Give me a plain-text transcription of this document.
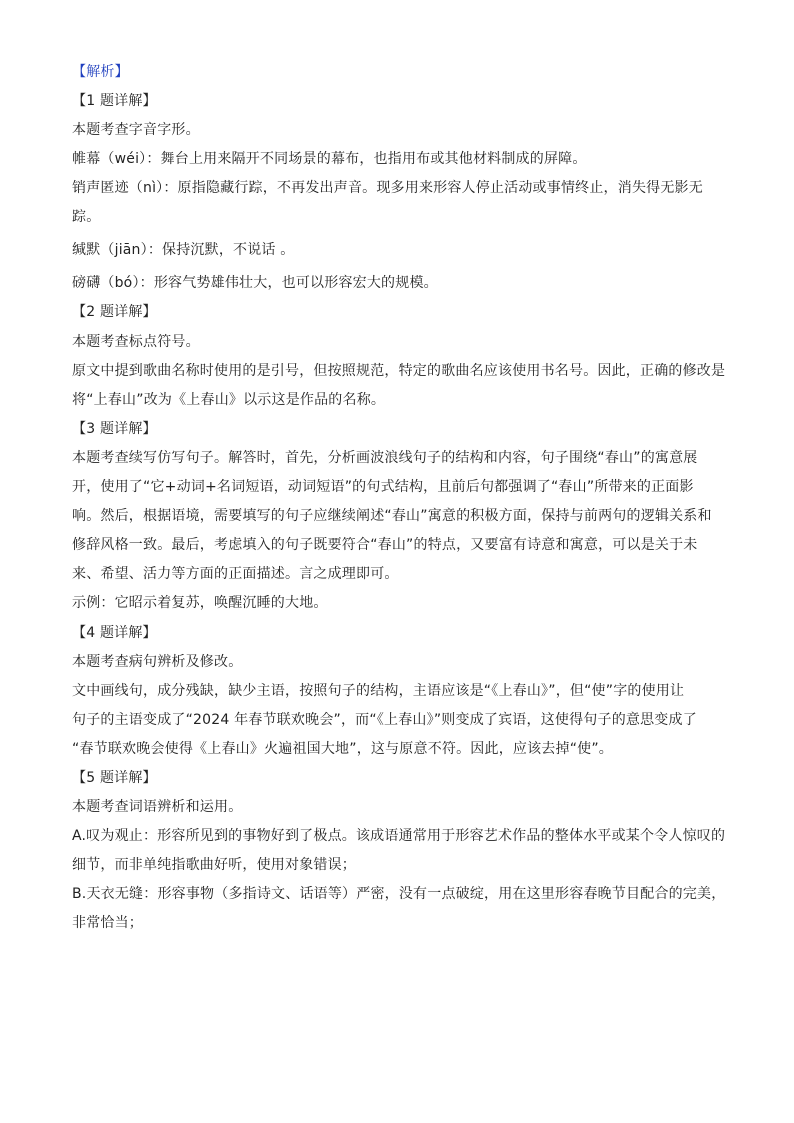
【解析】
【1 题详解】
本题考查字音字形。
帷幕（wéi）：舞台上用来隔开不同场景的幕布，也指用布或其他材料制成的屏障。
销声匿迹（nì）：原指隐藏行踪，不再发出声音。现多用来形容人停止活动或事情终止，消失得无影无
踪。
缄默（jiān）：保持沉默，不说话 。
磅礴（bó）：形容气势雄伟壮大，也可以形容宏大的规模。
【2 题详解】
本题考查标点符号。
原文中提到歌曲名称时使用的是引号，但按照规范，特定的歌曲名应该使用书名号。因此，正确的修改是
将“上春山”改为《上春山》以示这是作品的名称。
【3 题详解】
本题考查续写仿写句子。解答时，首先，分析画波浪线句子的结构和内容，句子围绕“春山”的寓意展
开，使用了“它+动词+名词短语，动词短语”的句式结构，且前后句都强调了“春山”所带来的正面影
响。然后，根据语境，需要填写的句子应继续阐述“春山”寓意的积极方面，保持与前两句的逻辑关系和
修辞风格一致。最后，考虑填入的句子既要符合“春山”的特点，又要富有诗意和寓意，可以是关于未
来、希望、活力等方面的正面描述。言之成理即可。
示例：它昭示着复苏，唤醒沉睡的大地。
【4 题详解】
本题考查病句辨析及修改。
文中画线句，成分残缺，缺少主语，按照句子的结构，主语应该是“《上春山》”，但“使”字的使用让
句子的主语变成了“2024 年春节联欢晚会”，而“《上春山》”则变成了宾语，这使得句子的意思变成了
“春节联欢晚会使得《上春山》火遍祖国大地”，这与原意不符。因此，应该去掉“使”。
【5 题详解】
本题考查词语辨析和运用。
A.叹为观止：形容所见到的事物好到了极点。该成语通常用于形容艺术作品的整体水平或某个令人惊叹的
细节，而非单纯指歌曲好听，使用对象错误；
B.天衣无缝：形容事物（多指诗文、话语等）严密，没有一点破绽，用在这里形容春晚节目配合的完美，
非常恰当；
